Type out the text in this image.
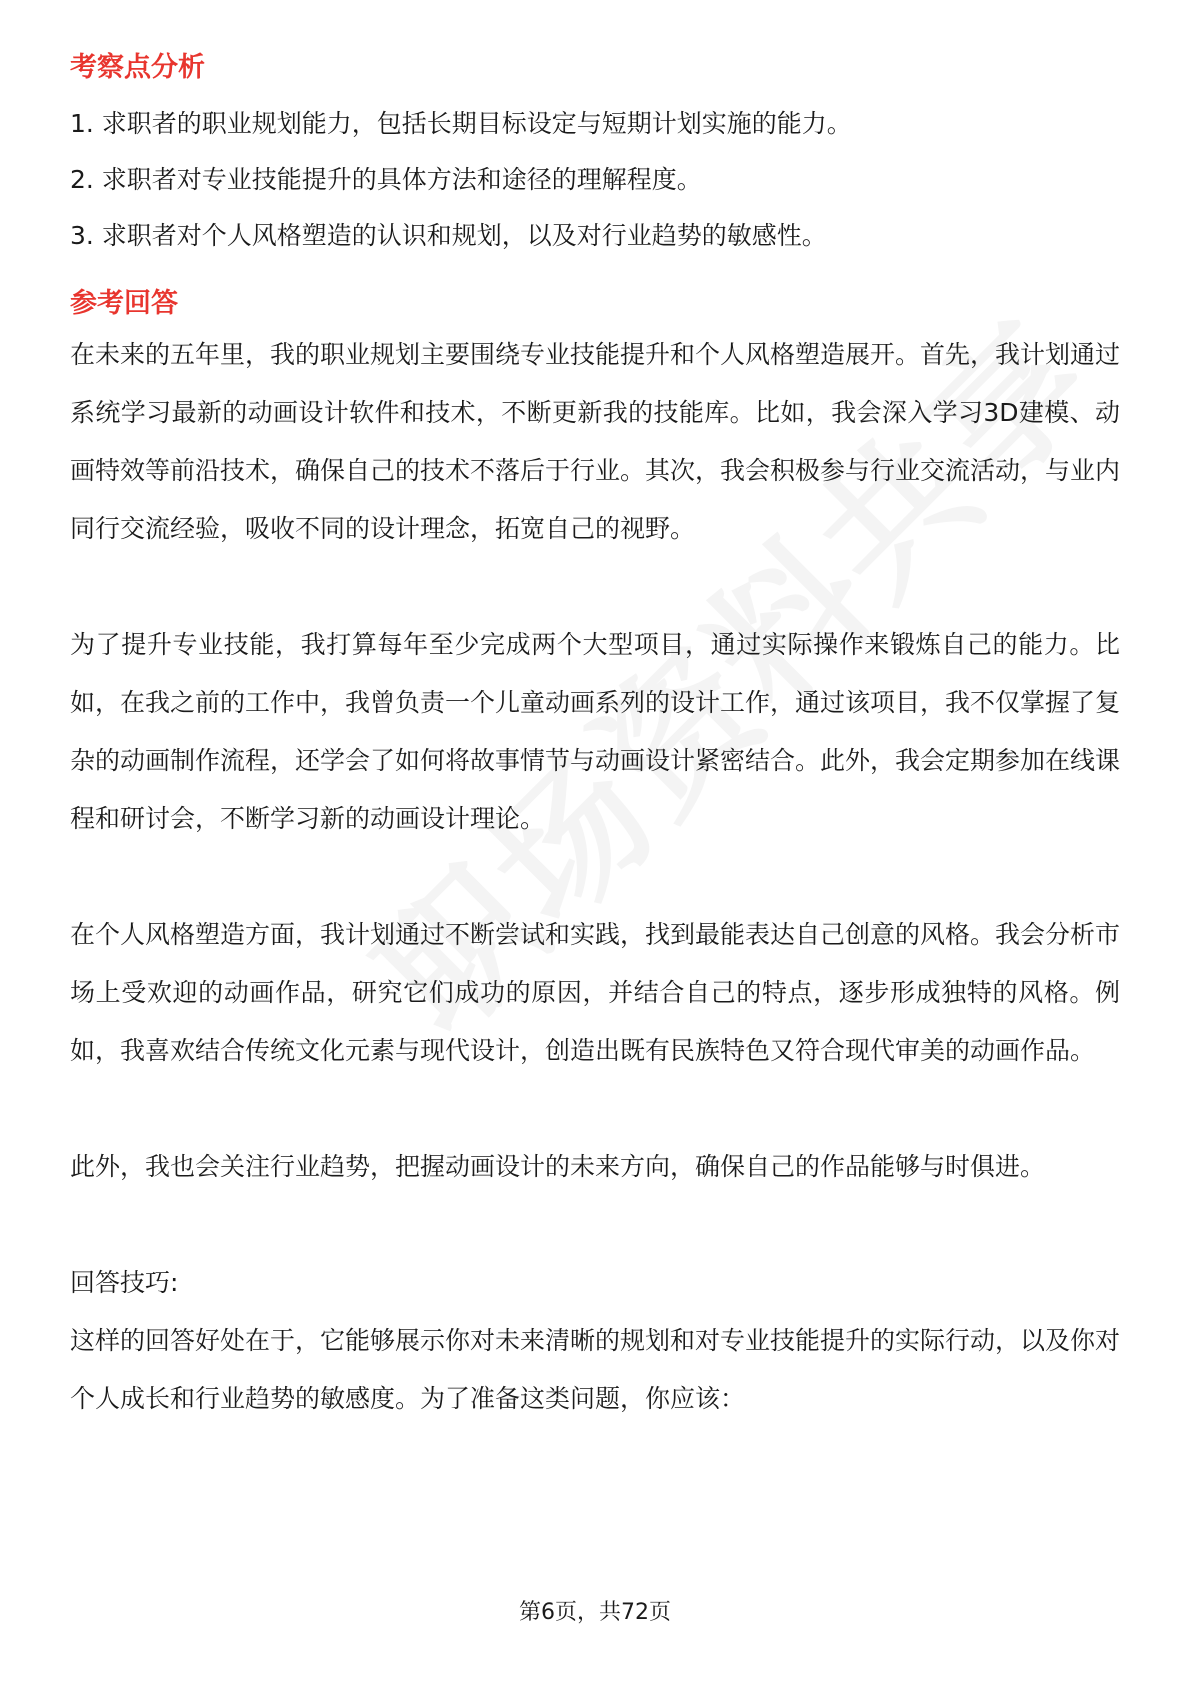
考察点分析
1. 求职者的职业规划能力，包括长期目标设定与短期计划实施的能力。
2. 求职者对专业技能提升的具体方法和途径的理解程度。
3. 求职者对个人风格塑造的认识和规划，以及对行业趋势的敏感性。
参考回答

在未来的五年里，我的职业规划主要围绕专业技能提升和个人风格塑造展开。首先，我计划通过系统学习最新的动画设计软件和技术，不断更新我的技能库。比如，我会深入学习3D建模、动画特效等前沿技术，确保自己的技术不落后于行业。其次，我会积极参与行业交流活动，与业内同行交流经验，吸收不同的设计理念，拓宽自己的视野。

为了提升专业技能，我打算每年至少完成两个大型项目，通过实际操作来锻炼自己的能力。比如，在我之前的工作中，我曾负责一个儿童动画系列的设计工作，通过该项目，我不仅掌握了复杂的动画制作流程，还学会了如何将故事情节与动画设计紧密结合。此外，我会定期参加在线课程和研讨会，不断学习新的动画设计理论。

在个人风格塑造方面，我计划通过不断尝试和实践，找到最能表达自己创意的风格。我会分析市场上受欢迎的动画作品，研究它们成功的原因，并结合自己的特点，逐步形成独特的风格。例如，我喜欢结合传统文化元素与现代设计，创造出既有民族特色又符合现代审美的动画作品。

此外，我也会关注行业趋势，把握动画设计的未来方向，确保自己的作品能够与时俱进。

回答技巧:

这样的回答好处在于，它能够展示你对未来清晰的规划和对专业技能提升的实际行动，以及你对个人成长和行业趋势的敏感度。为了准备这类问题，你应该：

第6页，共72页
